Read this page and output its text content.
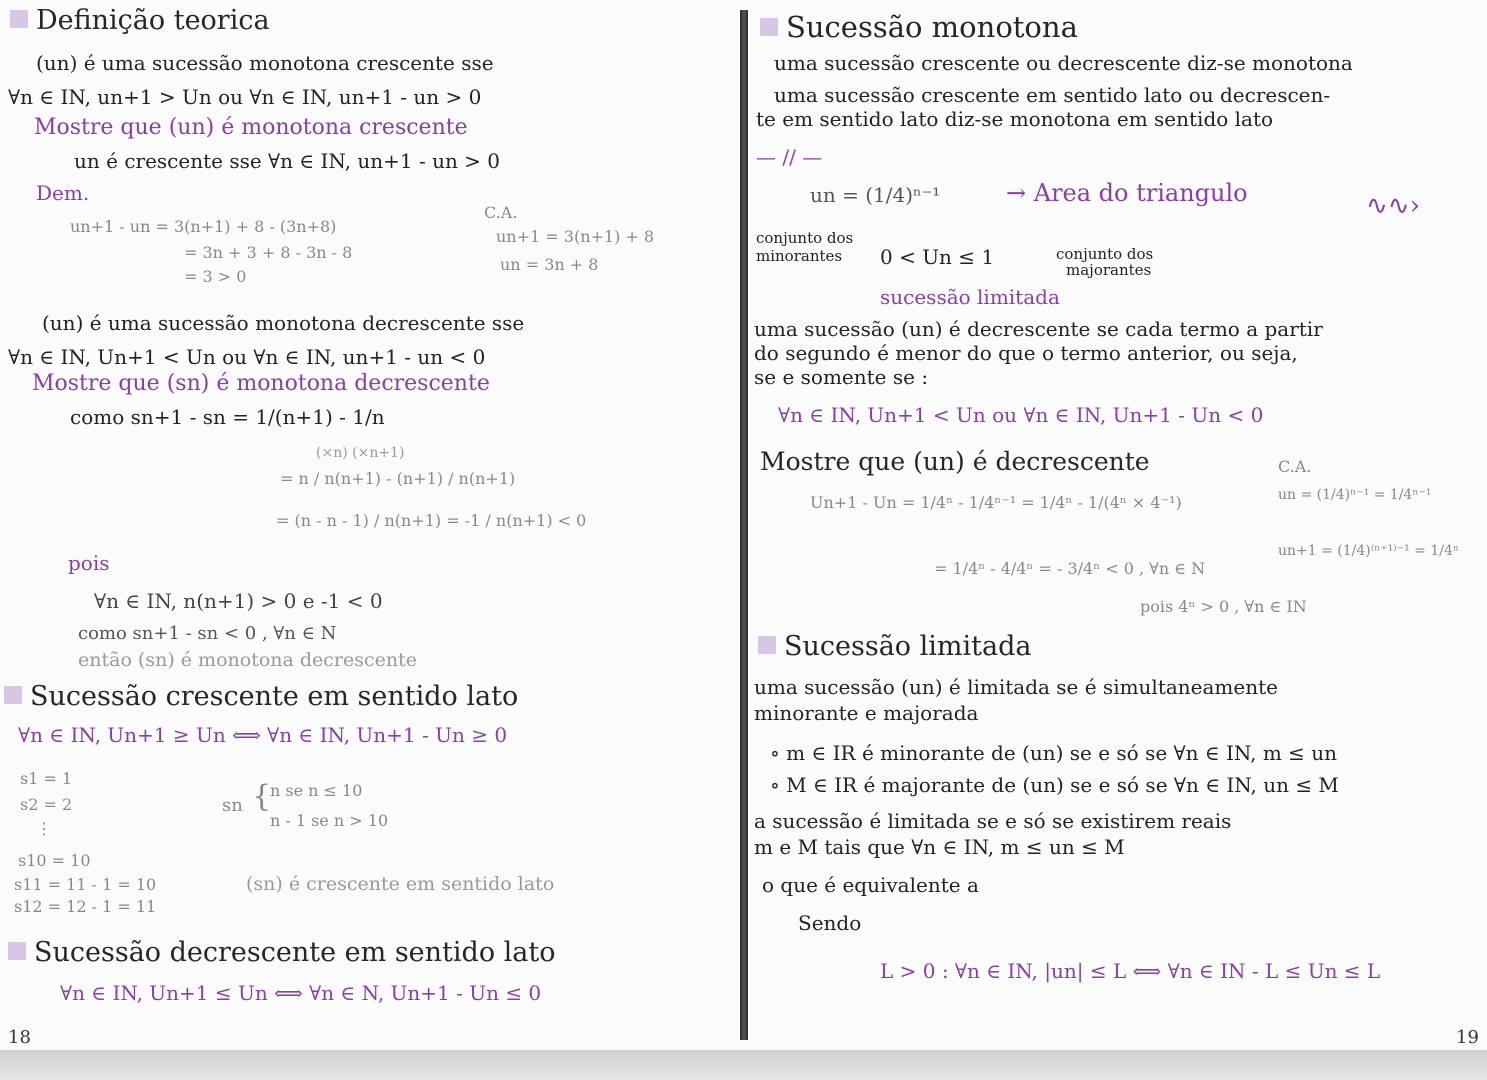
Definição teorica
(un) é uma sucessão monotona crescente sse
∀n ∈ IN, un+1 > Un ou ∀n ∈ IN, un+1 - un > 0
Mostre que (un) é monotona crescente
un é crescente sse ∀n ∈ IN, un+1 - un > 0
Dem.
un+1 - un = 3(n+1) + 8 - (3n+8)
= 3n + 3 + 8 - 3n - 8
= 3 > 0
C.A.
un+1 = 3(n+1) + 8
un = 3n + 8
(un) é uma sucessão monotona decrescente sse
∀n ∈ IN, Un+1 < Un ou ∀n ∈ IN, un+1 - un < 0
Mostre que (sn) é monotona decrescente
como sn+1 - sn = 1/(n+1) - 1/n
(×n) (×n+1)
= n / n(n+1) - (n+1) / n(n+1)
= (n - n - 1) / n(n+1) = -1 / n(n+1) < 0
pois
∀n ∈ IN, n(n+1) > 0 e -1 < 0
como sn+1 - sn < 0 , ∀n ∈ N
então (sn) é monotona decrescente
Sucessão crescente em sentido lato
∀n ∈ IN, Un+1 ≥ Un ⟺ ∀n ∈ IN, Un+1 - Un ≥ 0
s1 = 1
s2 = 2
⋮
s10 = 10
s11 = 11 - 1 = 10
s12 = 12 - 1 = 11
sn {
n se n ≤ 10
n - 1 se n > 10
(sn) é crescente em sentido lato
Sucessão decrescente em sentido lato
∀n ∈ IN, Un+1 ≤ Un ⟺ ∀n ∈ N, Un+1 - Un ≤ 0
18
Sucessão monotona
uma sucessão crescente ou decrescente diz-se monotona
uma sucessão crescente em sentido lato ou decrescen-
te em sentido lato diz-se monotona em sentido lato
— // —
un = (1/4)ⁿ⁻¹	→ Area do triangulo	∿∿›
conjunto dos
minorantes 0 < Un ≤ 1	conjunto dos
majorantes
sucessão limitada
uma sucessão (un) é decrescente se cada termo a partir
do segundo é menor do que o termo anterior, ou seja,
se e somente se :
∀n ∈ IN, Un+1 < Un ou ∀n ∈ IN, Un+1 - Un < 0
Mostre que (un) é decrescente
Un+1 - Un = 1/4ⁿ - 1/4ⁿ⁻¹ = 1/4ⁿ - 1/(4ⁿ × 4⁻¹)
= 1/4ⁿ - 4/4ⁿ = - 3/4ⁿ < 0 , ∀n ∈ N
pois 4ⁿ > 0 , ∀n ∈ IN
C.A.
un = (1/4)ⁿ⁻¹ = 1/4ⁿ⁻¹
un+1 = (1/4)⁽ⁿ⁺¹⁾⁻¹ = 1/4ⁿ
Sucessão limitada
uma sucessão (un) é limitada se é simultaneamente
minorante e majorada
∘ m ∈ IR é minorante de (un) se e só se ∀n ∈ IN, m ≤ un
∘ M ∈ IR é majorante de (un) se e só se ∀n ∈ IN, un ≤ M
a sucessão é limitada se e só se existirem reais
m e M tais que ∀n ∈ IN, m ≤ un ≤ M
o que é equivalente a
Sendo
L > 0 : ∀n ∈ IN, |un| ≤ L ⟺ ∀n ∈ IN - L ≤ Un ≤ L
19
